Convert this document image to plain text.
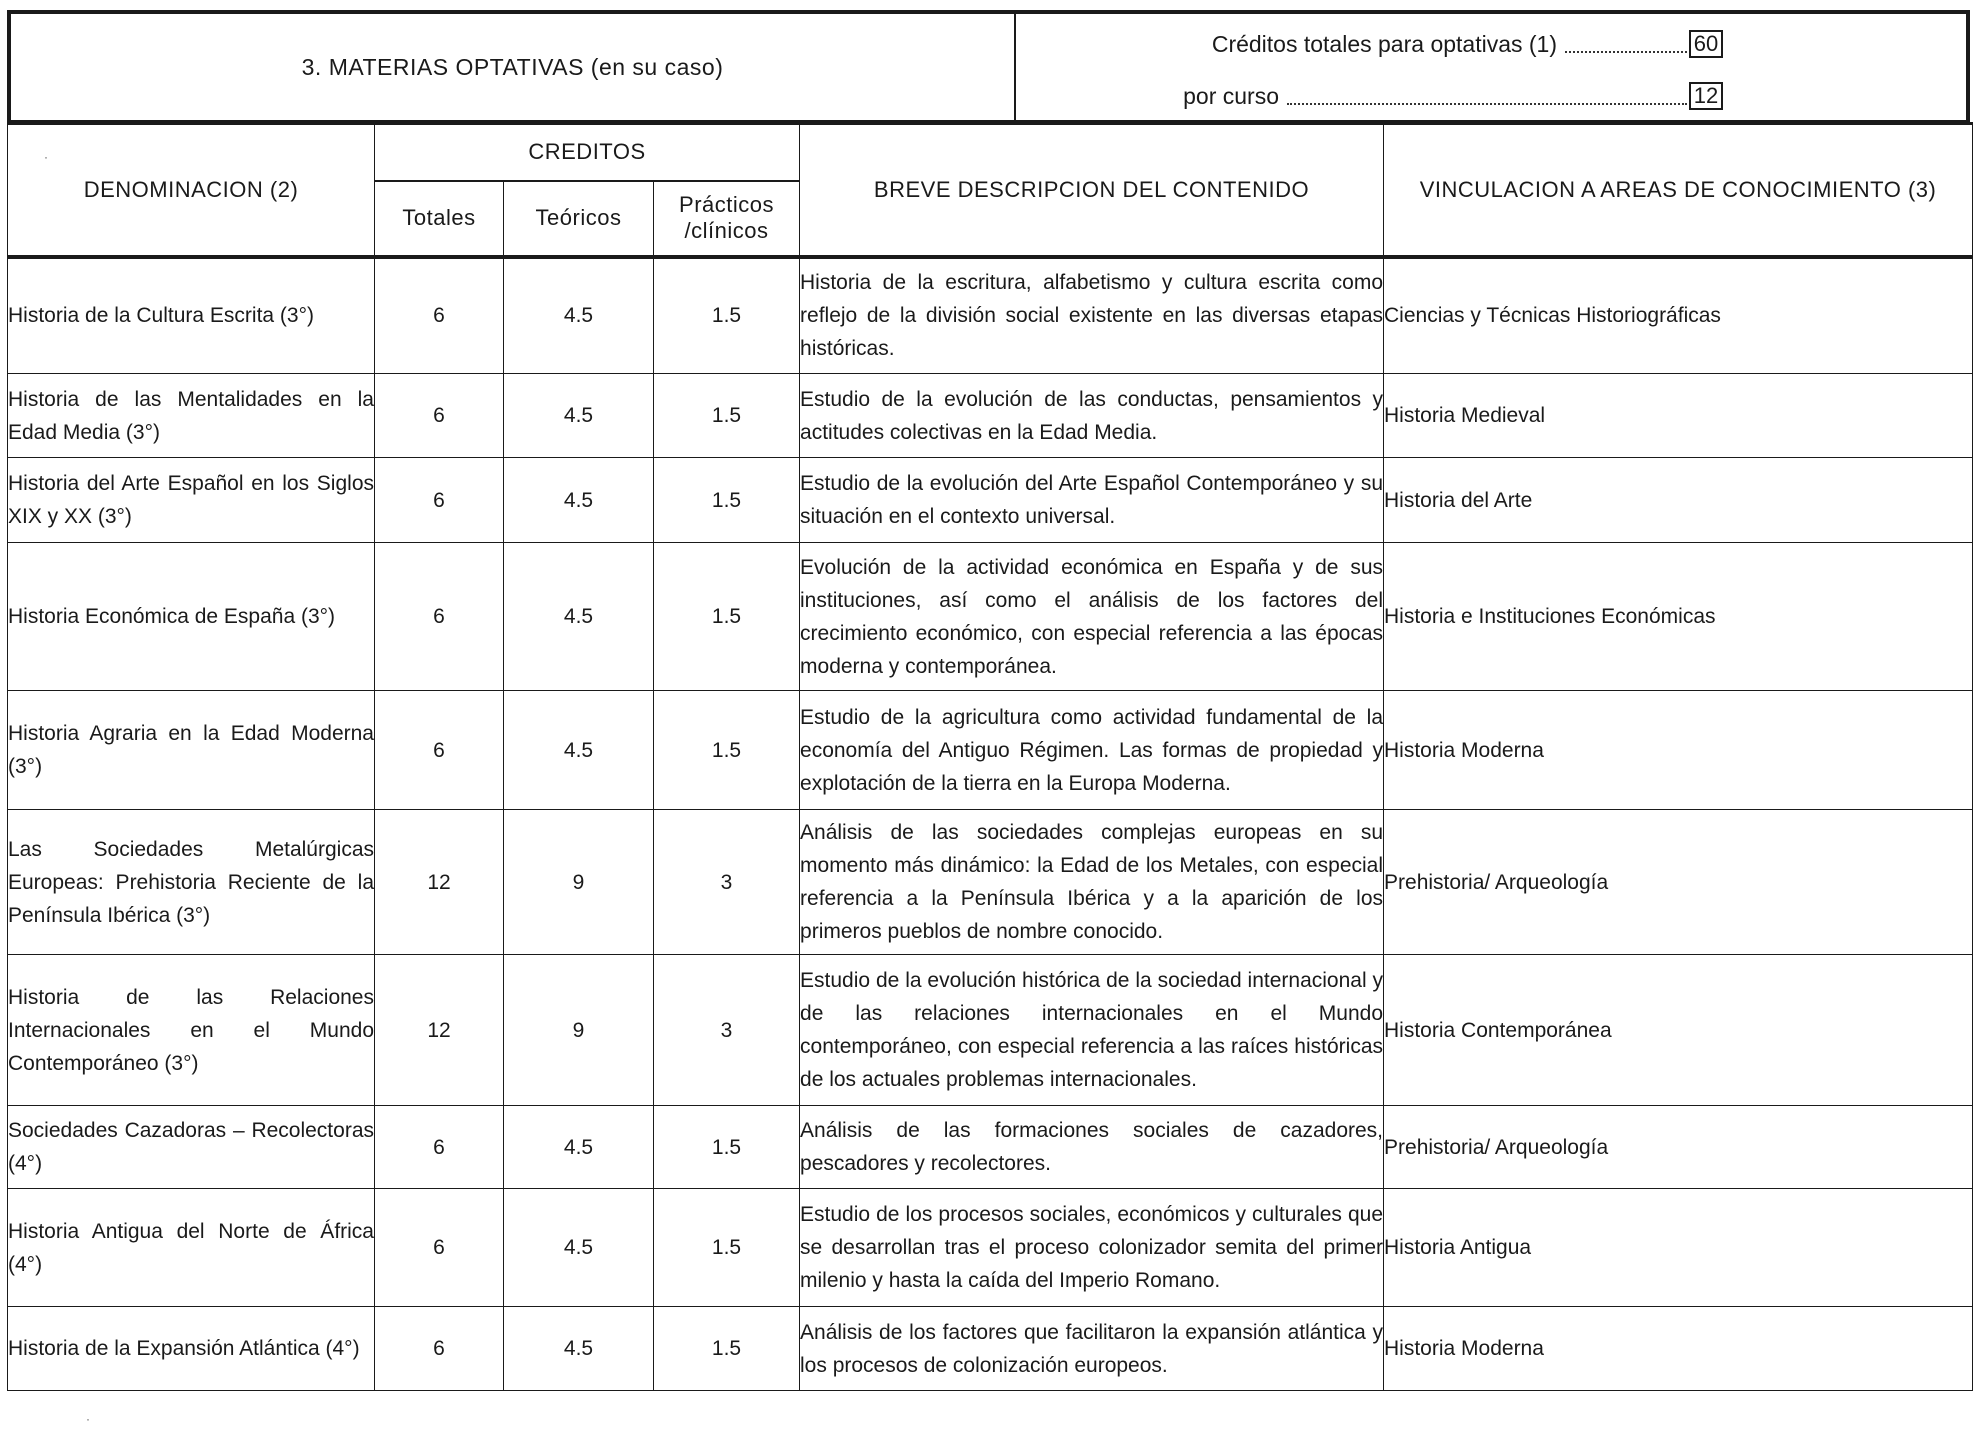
3. MATERIAS OPTATIVAS (en su caso)
Créditos totales para optativas (1)	60
por curso	12
DENOMINACION (2)	CREDITOS			BREVE DESCRIPCION DEL CONTENIDO	VINCULACION A AREAS DE CONOCIMIENTO (3)
	Totales	Teóricos	Prácticos
/clínicos		

Historia de la Cultura Escrita (3°)	6	4.5	1.5	Historia de la escritura, alfabetismo y cultura escrita como reflejo de la división social existente en las diversas etapas históricas.	Ciencias y Técnicas Historiográficas
Historia de las Mentalidades en la Edad Media (3°)	6	4.5	1.5	Estudio de la evolución de las conductas, pensamientos y actitudes colectivas en la Edad Media.	Historia Medieval
Historia del Arte Español en los Siglos XIX y XX (3°)	6	4.5	1.5	Estudio de la evolución del Arte Español Contemporáneo y su situación en el contexto universal.	Historia del Arte
Historia Económica de España (3°)	6	4.5	1.5	Evolución de la actividad económica en España y de sus instituciones, así como el análisis de los factores del crecimiento económico, con especial referencia a las épocas moderna y contemporánea.	Historia e Instituciones Económicas
Historia Agraria en la Edad Moderna (3°)	6	4.5	1.5	Estudio de la agricultura como actividad fundamental de la economía del Antiguo Régimen. Las formas de propiedad y explotación de la tierra en la Europa Moderna.	Historia Moderna
Las Sociedades Metalúrgicas Europeas: Prehistoria Reciente de la Península Ibérica (3°)	12	9	3	Análisis de las sociedades complejas europeas en su momento más dinámico: la Edad de los Metales, con especial referencia a la Península Ibérica y a la aparición de los primeros pueblos de nombre conocido.	Prehistoria/ Arqueología
Historia de las Relaciones Internacionales en el Mundo Contemporáneo (3°)	12	9	3	Estudio de la evolución histórica de la sociedad internacional y de las relaciones internacionales en el Mundo contemporáneo, con especial referencia a las raíces históricas de los actuales problemas internacionales.	Historia Contemporánea
Sociedades Cazadoras – Recolectoras (4°)	6	4.5	1.5	Análisis de las formaciones sociales de cazadores, pescadores y recolectores.	Prehistoria/ Arqueología
Historia Antigua del Norte de África (4°)	6	4.5	1.5	Estudio de los procesos sociales, económicos y culturales que se desarrollan tras el proceso colonizador semita del primer milenio y hasta la caída del Imperio Romano.	Historia Antigua
Historia de la Expansión Atlántica (4°)	6	4.5	1.5	Análisis de los factores que facilitaron la expansión atlántica y los procesos de colonización europeos.	Historia Moderna
·
·
